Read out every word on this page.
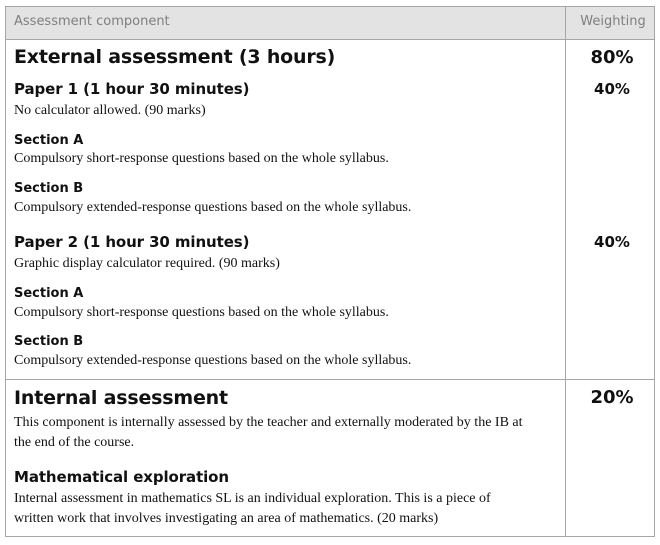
Assessment component	Weighting
External assessment (3 hours)	80%
Paper 1 (1 hour 30 minutes)	40%
No calculator allowed. (90 marks)
Section A
Compulsory short-response questions based on the whole syllabus.
Section B
Compulsory extended-response questions based on the whole syllabus.
Paper 2 (1 hour 30 minutes)	40%
Graphic display calculator required. (90 marks)
Section A
Compulsory short-response questions based on the whole syllabus.
Section B
Compulsory extended-response questions based on the whole syllabus.
Internal assessment	20%
This component is internally assessed by the teacher and externally moderated by the IB at
the end of the course.
Mathematical exploration
Internal assessment in mathematics SL is an individual exploration. This is a piece of
written work that involves investigating an area of mathematics. (20 marks)
